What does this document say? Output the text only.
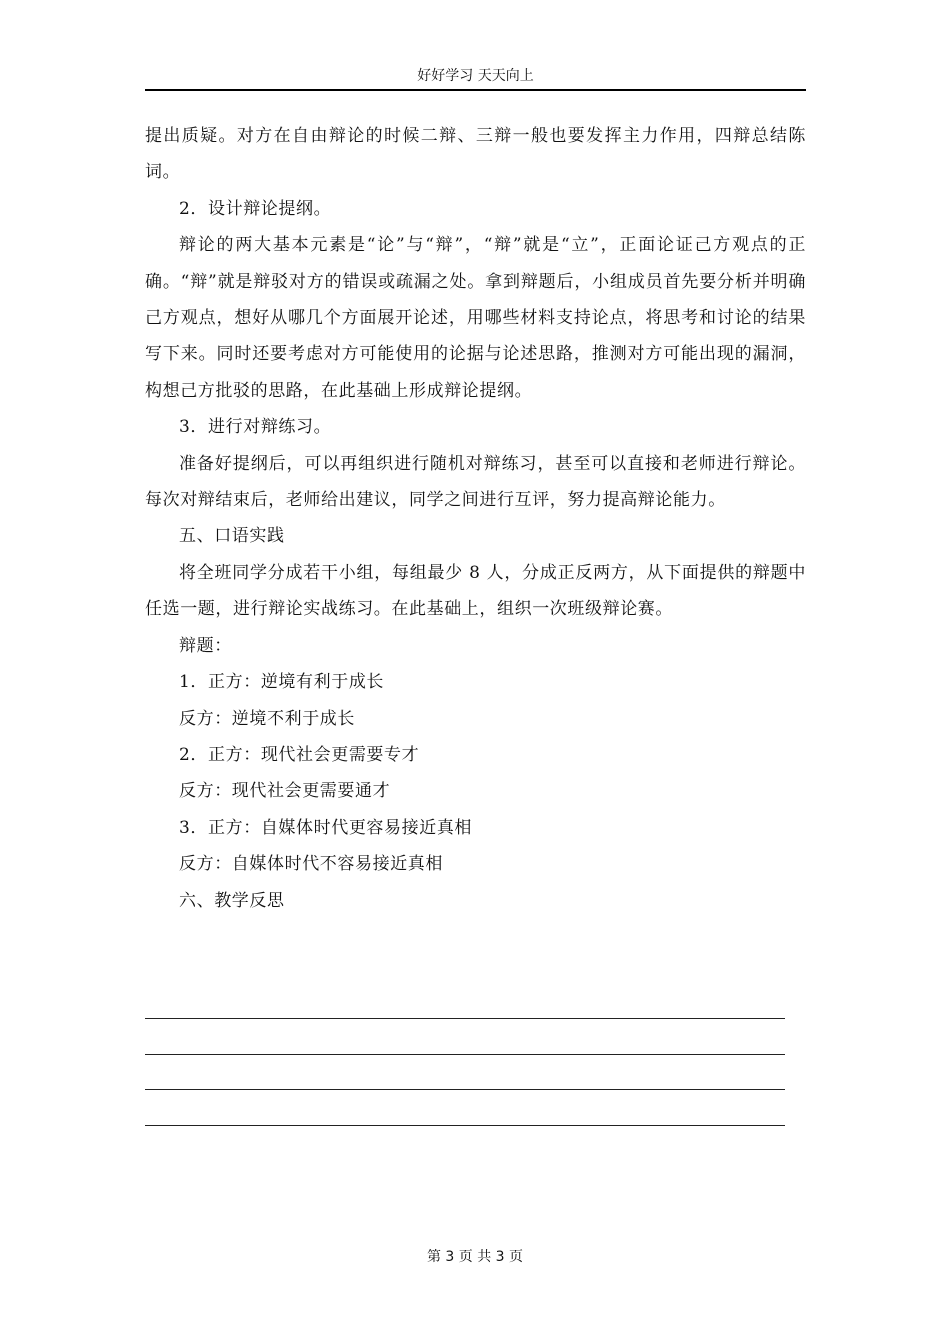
好好学习 天天向上

提出质疑。对方在自由辩论的时候二辩、三辩一般也要发挥主力作用，四辩总结陈词。

2．设计辩论提纲。

辩论的两大基本元素是“论”与“辩”，“辩”就是“立”，正面论证己方观点的正确。“辩”就是辩驳对方的错误或疏漏之处。拿到辩题后，小组成员首先要分析并明确己方观点，想好从哪几个方面展开论述，用哪些材料支持论点，将思考和讨论的结果写下来。同时还要考虑对方可能使用的论据与论述思路，推测对方可能出现的漏洞，构想己方批驳的思路，在此基础上形成辩论提纲。

3．进行对辩练习。

准备好提纲后，可以再组织进行随机对辩练习，甚至可以直接和老师进行辩论。每次对辩结束后，老师给出建议，同学之间进行互评，努力提高辩论能力。

五、口语实践

将全班同学分成若干小组，每组最少 8 人，分成正反两方，从下面提供的辩题中任选一题，进行辩论实战练习。在此基础上，组织一次班级辩论赛。

辩题：

1．正方：逆境有利于成长

反方：逆境不利于成长

2．正方：现代社会更需要专才

反方：现代社会更需要通才

3．正方：自媒体时代更容易接近真相

反方：自媒体时代不容易接近真相

六、教学反思

第 3 页 共 3 页
